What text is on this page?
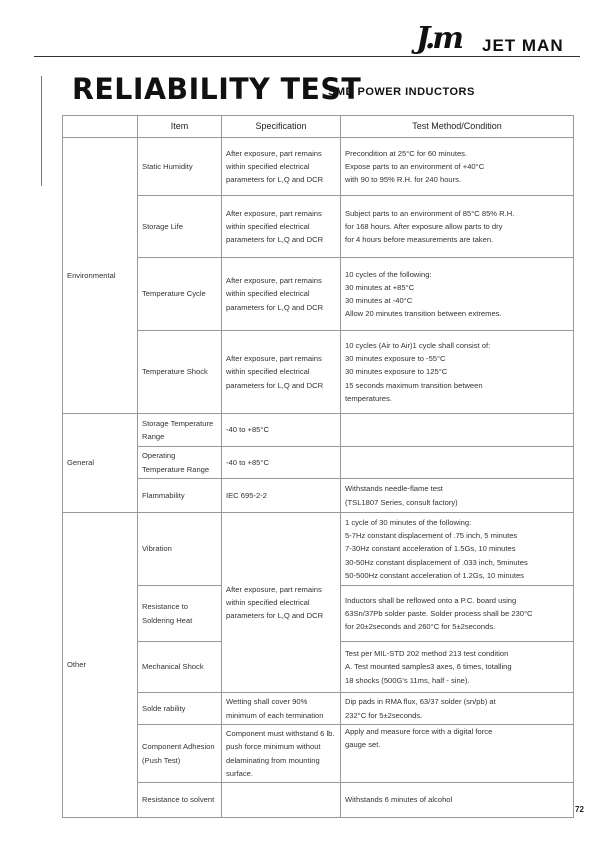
J.m JET MAN
RELIABILITY TEST
SMD POWER INDUCTORS
	Item	Specification	Test Method/Condition
Environmental	Static Humidity	After exposure, part remains within specified electrical parameters for L,Q and DCR	Precondition at 25°C for 60 minutes.
Expose parts to an environment of +40°C
with 90 to 95% R.H. for 240 hours.

	Storage Life	After exposure, part remains within specified electrical parameters for L,Q and DCR	Subject parts to an environment of 85°C 85% R.H.
for 168 hours. After exposure allow parts to dry
for 4 hours before measurements are taken.

	Temperature Cycle	After exposure, part remains within specified electrical parameters for L,Q and DCR	10 cycles of the following:
30 minutes at +85°C
30 minutes at -40°C
Allow 20 minutes transition between extremes.

	Temperature Shock	After exposure, part remains within specified electrical parameters for L,Q and DCR	10 cycles (Air to Air)1 cycle shall consist of:
30 minutes exposure to -55°C
30 minutes exposure to 125°C
15 seconds maximum transition between
temperatures.

General	Storage Temperature Range	-40 to +85°C	
	Operating Temperature Range	-40 to +85°C	
	Flammability	IEC 695-2-2	Withstands needle-flame test
(TSL1807 Series, consult factory)

Other	Vibration	After exposure, part remains within specified electrical parameters for L,Q and DCR	1 cycle of 30 minutes of the following:
5-7Hz constant displacement of .75 inch, 5 minutes
7-30Hz constant acceleration of 1.5Gs, 10 minutes
30-50Hz constant displacement of .033 inch, 5minutes
50-500Hz constant acceleration of 1.2Gs, 10 minutes

	Resistance to Soldering Heat		Inductors shall be reflowed onto a P.C. board using
63Sn/37Pb solder paste. Solder process shall be 230°C
for 20±2seconds and 260°C for 5±2seconds.

	Mechanical Shock		Test per MIL-STD 202 method 213 test condition
A. Test mounted samples3 axes, 6 times, totalling
18 shocks (500G's 11ms, half - sine).

	Solde rability	Wetting shall cover 90% minimum of each termination	Dip pads in RMA flux, 63/37 solder (sn/pb) at
232°C for 5±2seconds.

	Component Adhesion (Push Test)	Component must withstand 6 lb. push force minimum without delaminating from mounting surface.	Apply and measure force with a digital force
gauge set.

	Resistance to solvent		Withstands 6 minutes of alcohol
72
